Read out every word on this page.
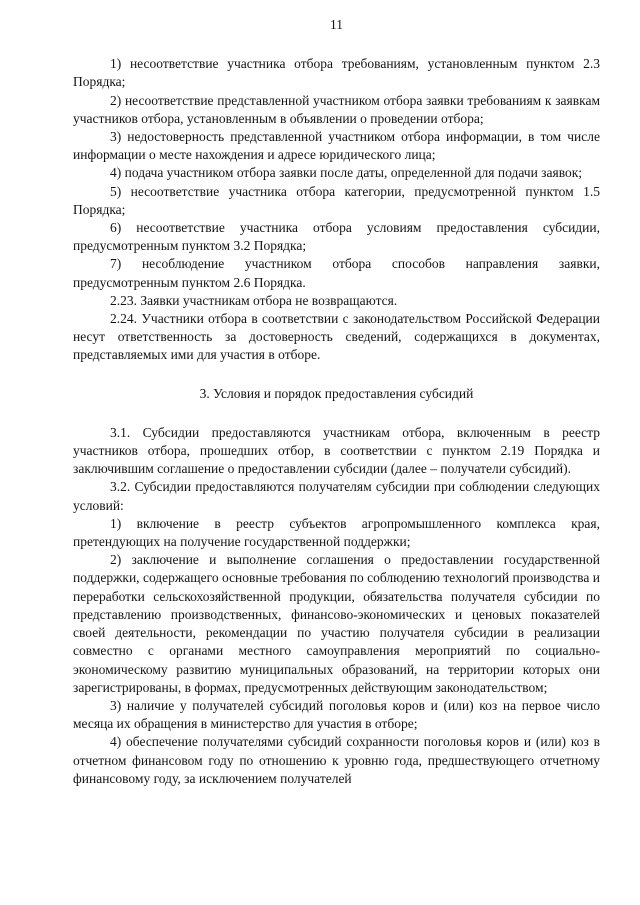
11

1) несоответствие участника отбора требованиям, установленным пунктом 2.3 Порядка;

2) несоответствие представленной участником отбора заявки требованиям к заявкам участников отбора, установленным в объявлении о проведении отбора;

3) недостоверность представленной участником отбора информации, в том числе информации о месте нахождения и адресе юридического лица;

4) подача участником отбора заявки после даты, определенной для подачи заявок;

5) несоответствие участника отбора категории, предусмотренной пунктом 1.5 Порядка;

6) несоответствие участника отбора условиям предоставления субсидии, предусмотренным пунктом 3.2 Порядка;

7) несоблюдение участником отбора способов направления заявки, предусмотренным пунктом 2.6 Порядка.

2.23. Заявки участникам отбора не возвращаются.

2.24. Участники отбора в соответствии с законодательством Российской Федерации несут ответственность за достоверность сведений, содержащихся в документах, представляемых ими для участия в отборе.

3. Условия и порядок предоставления субсидий

3.1. Субсидии предоставляются участникам отбора, включенным в реестр участников отбора, прошедших отбор, в соответствии с пунктом 2.19 Порядка и заключившим соглашение о предоставлении субсидии (далее – получатели субсидий).

3.2. Субсидии предоставляются получателям субсидии при соблюдении следующих условий:

1) включение в реестр субъектов агропромышленного комплекса края, претендующих на получение государственной поддержки;

2) заключение и выполнение соглашения о предоставлении государственной поддержки, содержащего основные требования по соблюдению технологий производства и переработки сельскохозяйственной продукции, обязательства получателя субсидии по представлению производственных, финансово-экономических и ценовых показателей своей деятельности, рекомендации по участию получателя субсидии в реализации совместно с органами местного самоуправления мероприятий по социально-экономическому развитию муниципальных образований, на территории которых они зарегистрированы, в формах, предусмотренных действующим законодательством;

3) наличие у получателей субсидий поголовья коров и (или) коз на первое число месяца их обращения в министерство для участия в отборе;

4) обеспечение получателями субсидий сохранности поголовья коров и (или) коз в отчетном финансовом году по отношению к уровню года, предшествующего отчетному финансовому году, за исключением получателей
